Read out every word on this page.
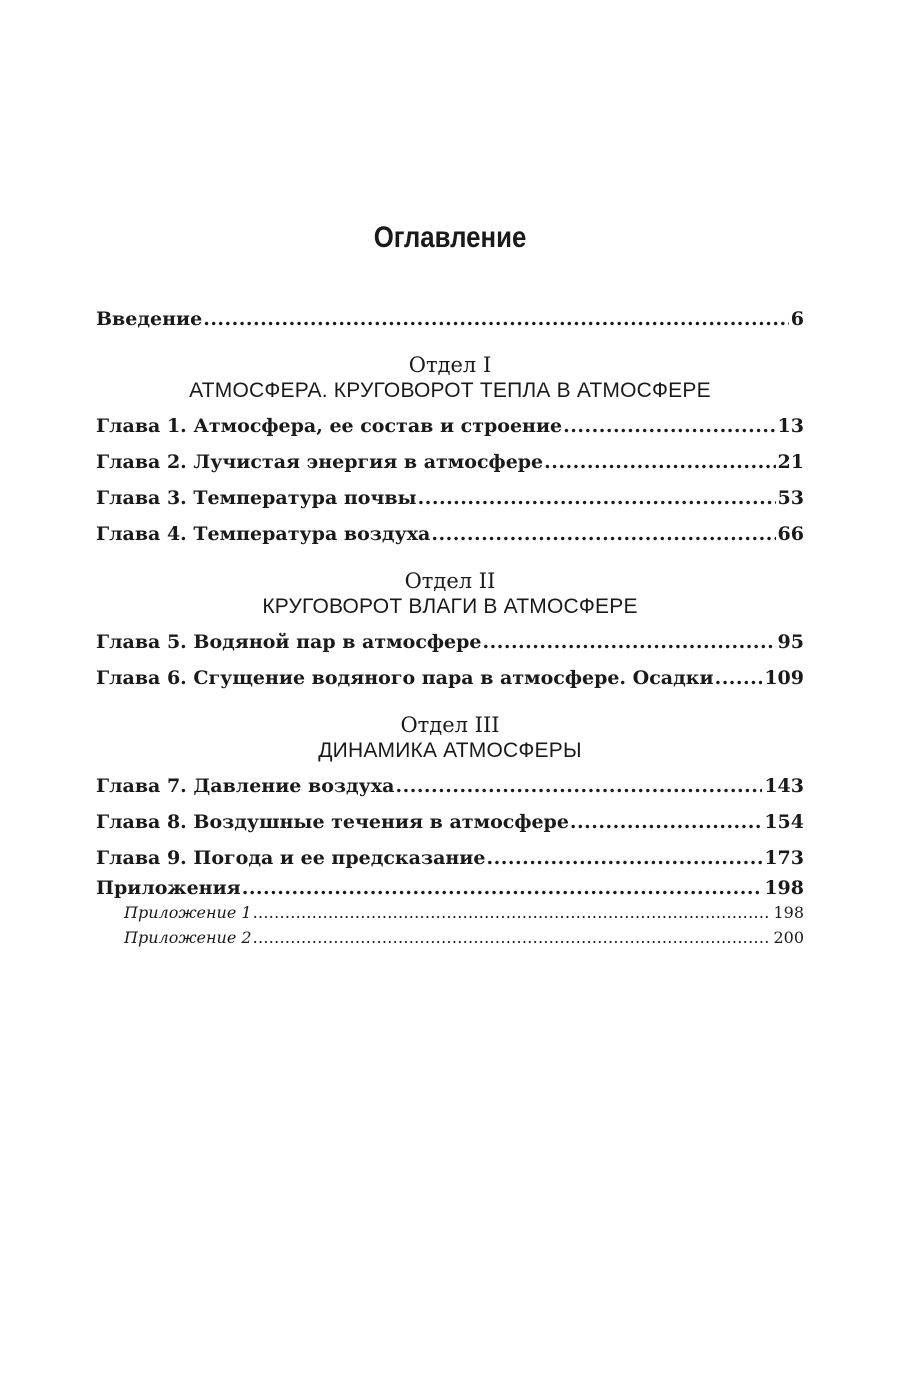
Оглавление
Введение .....	6
Отдел I
АТМОСФЕРА. КРУГОВОРОТ ТЕПЛА В АТМОСФЕРЕ
Глава 1. Атмосфера, ее состав и строение .....	13
Глава 2. Лучистая энергия в атмосфере .....	21
Глава 3. Температура почвы .....	53
Глава 4. Температура воздуха .....	66
Отдел II
КРУГОВОРОТ ВЛАГИ В АТМОСФЕРЕ
Глава 5. Водяной пар в атмосфере .....	95
Глава 6. Сгущение водяного пара в атмосфере. Осадки .....	109
Отдел III
ДИНАМИКА АТМОСФЕРЫ
Глава 7. Давление воздуха .....	143
Глава 8. Воздушные течения в атмосфере .....	154
Глава 9. Погода и ее предсказание .....	173
Приложения .....	198
Приложение 1 .....	198
Приложение 2 .....	200
